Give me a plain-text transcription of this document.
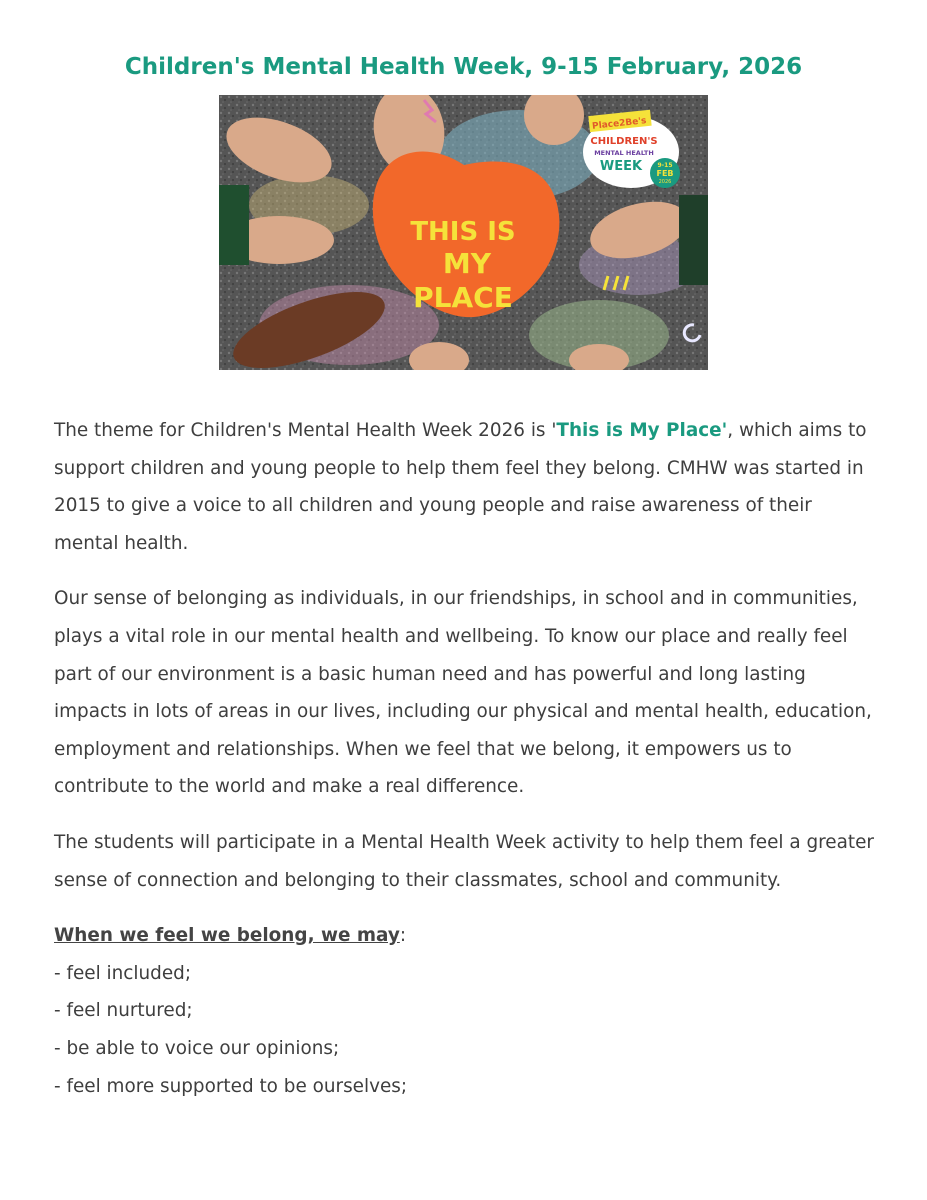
Children's Mental Health Week, 9-15 February, 2026
THIS IS
MY
PLACE
Place2Be's
CHILDREN'S
MENTAL HEALTH
WEEK	9-15
FEB
2026

The theme for Children's Mental Health Week 2026 is 'This is My Place', which aims to support children and young people to help them feel they belong. CMHW was started in 2015 to give a voice to all children and young people and raise awareness of their mental health.

Our sense of belonging as individuals, in our friendships, in school and in communities, plays a vital role in our mental health and wellbeing. To know our place and really feel part of our environment is a basic human need and has powerful and long lasting impacts in lots of areas in our lives, including our physical and mental health, education, employment and relationships. When we feel that we belong, it empowers us to contribute to the world and make a real difference.

The students will participate in a Mental Health Week activity to help them feel a greater sense of connection and belonging to their classmates, school and community.

When we feel we belong, we may:
- feel included;
- feel nurtured;
- be able to voice our opinions;
- feel more supported to be ourselves;
